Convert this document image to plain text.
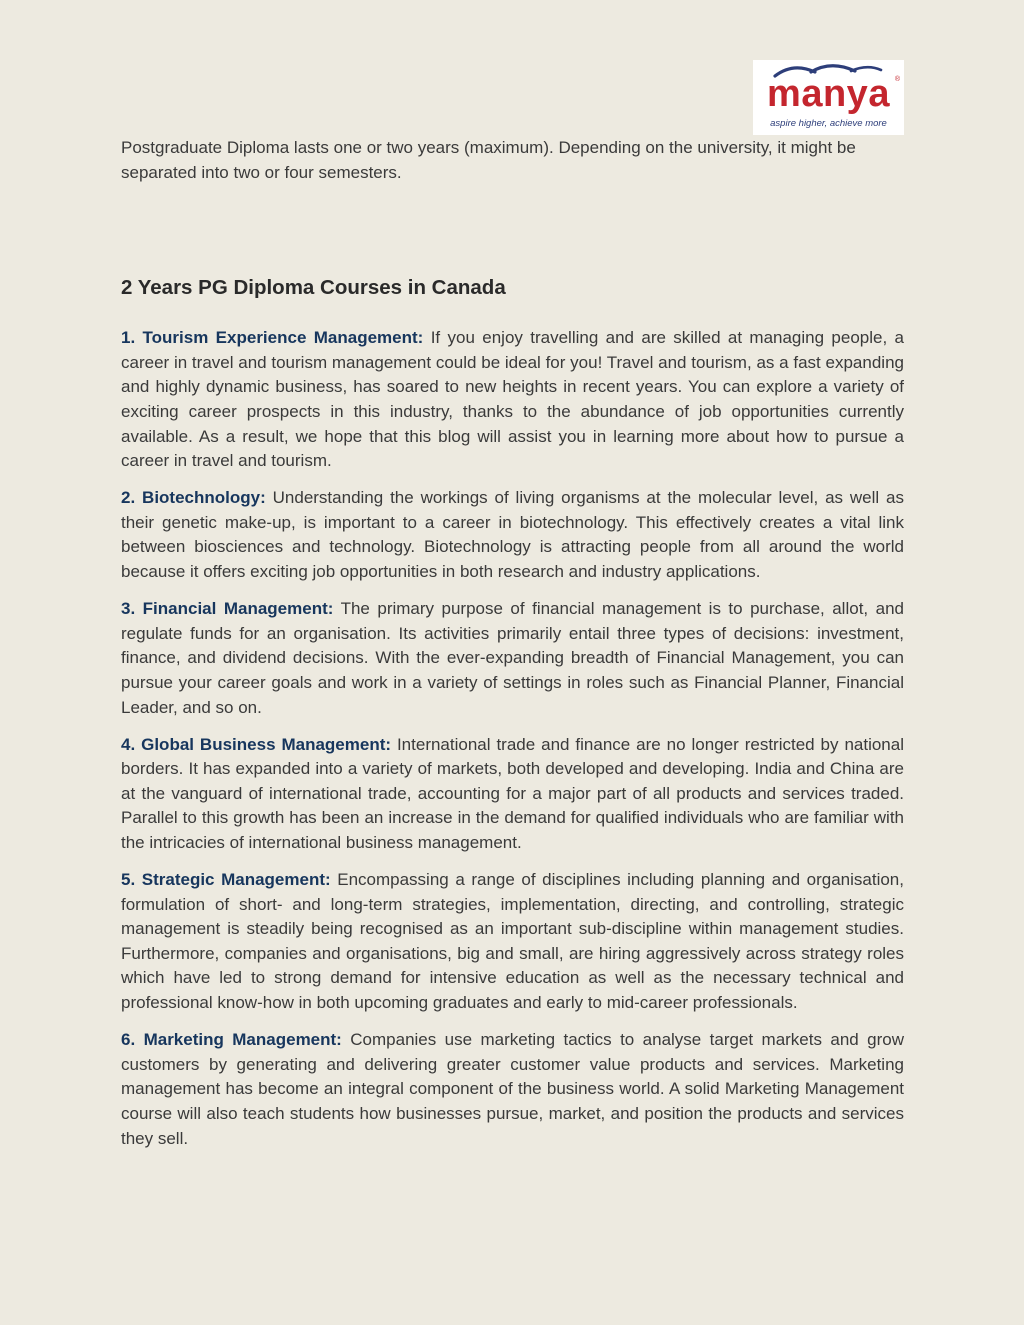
manya ®
aspire higher, achieve more

Postgraduate Diploma lasts one or two years (maximum). Depending on the university, it might be separated into two or four semesters.

2 Years PG Diploma Courses in Canada

1. Tourism Experience Management: If you enjoy travelling and are skilled at managing people, a career in travel and tourism management could be ideal for you! Travel and tourism, as a fast expanding and highly dynamic business, has soared to new heights in recent years. You can explore a variety of exciting career prospects in this industry, thanks to the abundance of job opportunities currently available. As a result, we hope that this blog will assist you in learning more about how to pursue a career in travel and tourism.

2. Biotechnology: Understanding the workings of living organisms at the molecular level, as well as their genetic make-up, is important to a career in biotechnology. This effectively creates a vital link between biosciences and technology. Biotechnology is attracting people from all around the world because it offers exciting job opportunities in both research and industry applications.

3. Financial Management: The primary purpose of financial management is to purchase, allot, and regulate funds for an organisation. Its activities primarily entail three types of decisions: investment, finance, and dividend decisions. With the ever-expanding breadth of Financial Management, you can pursue your career goals and work in a variety of settings in roles such as Financial Planner, Financial Leader, and so on.

4. Global Business Management: International trade and finance are no longer restricted by national borders. It has expanded into a variety of markets, both developed and developing. India and China are at the vanguard of international trade, accounting for a major part of all products and services traded. Parallel to this growth has been an increase in the demand for qualified individuals who are familiar with the intricacies of international business management.

5. Strategic Management: Encompassing a range of disciplines including planning and organisation, formulation of short- and long-term strategies, implementation, directing, and controlling, strategic management is steadily being recognised as an important sub-discipline within management studies. Furthermore, companies and organisations, big and small, are hiring aggressively across strategy roles which have led to strong demand for intensive education as well as the necessary technical and professional know-how in both upcoming graduates and early to mid-career professionals.

6. Marketing Management: Companies use marketing tactics to analyse target markets and grow customers by generating and delivering greater customer value products and services. Marketing management has become an integral component of the business world. A solid Marketing Management course will also teach students how businesses pursue, market, and position the products and services they sell.
